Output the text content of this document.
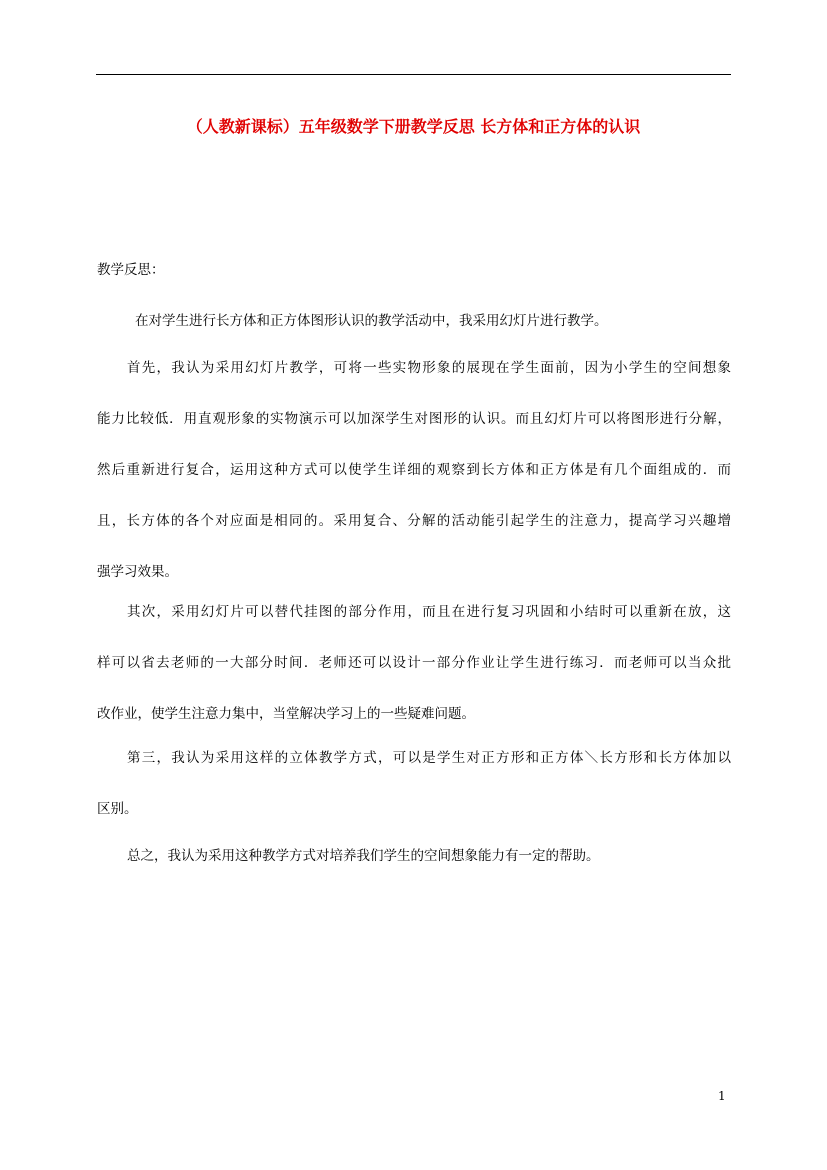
（人教新课标）五年级数学下册教学反思 长方体和正方体的认识
教学反思：
在对学生进行长方体和正方体图形认识的教学活动中，我采用幻灯片进行教学。
首先，我认为采用幻灯片教学，可将一些实物形象的展现在学生面前，因为小学生的空间想象
能力比较低．用直观形象的实物演示可以加深学生对图形的认识。而且幻灯片可以将图形进行分解，
然后重新进行复合，运用这种方式可以使学生详细的观察到长方体和正方体是有几个面组成的．而
且，长方体的各个对应面是相同的。采用复合、分解的活动能引起学生的注意力，提高学习兴趣增
强学习效果。
其次，采用幻灯片可以替代挂图的部分作用，而且在进行复习巩固和小结时可以重新在放，这
样可以省去老师的一大部分时间．老师还可以设计一部分作业让学生进行练习．而老师可以当众批
改作业，使学生注意力集中，当堂解决学习上的一些疑难问题。
第三，我认为采用这样的立体教学方式，可以是学生对正方形和正方体＼长方形和长方体加以
区别。
总之，我认为采用这种教学方式对培养我们学生的空间想象能力有一定的帮助。
1
